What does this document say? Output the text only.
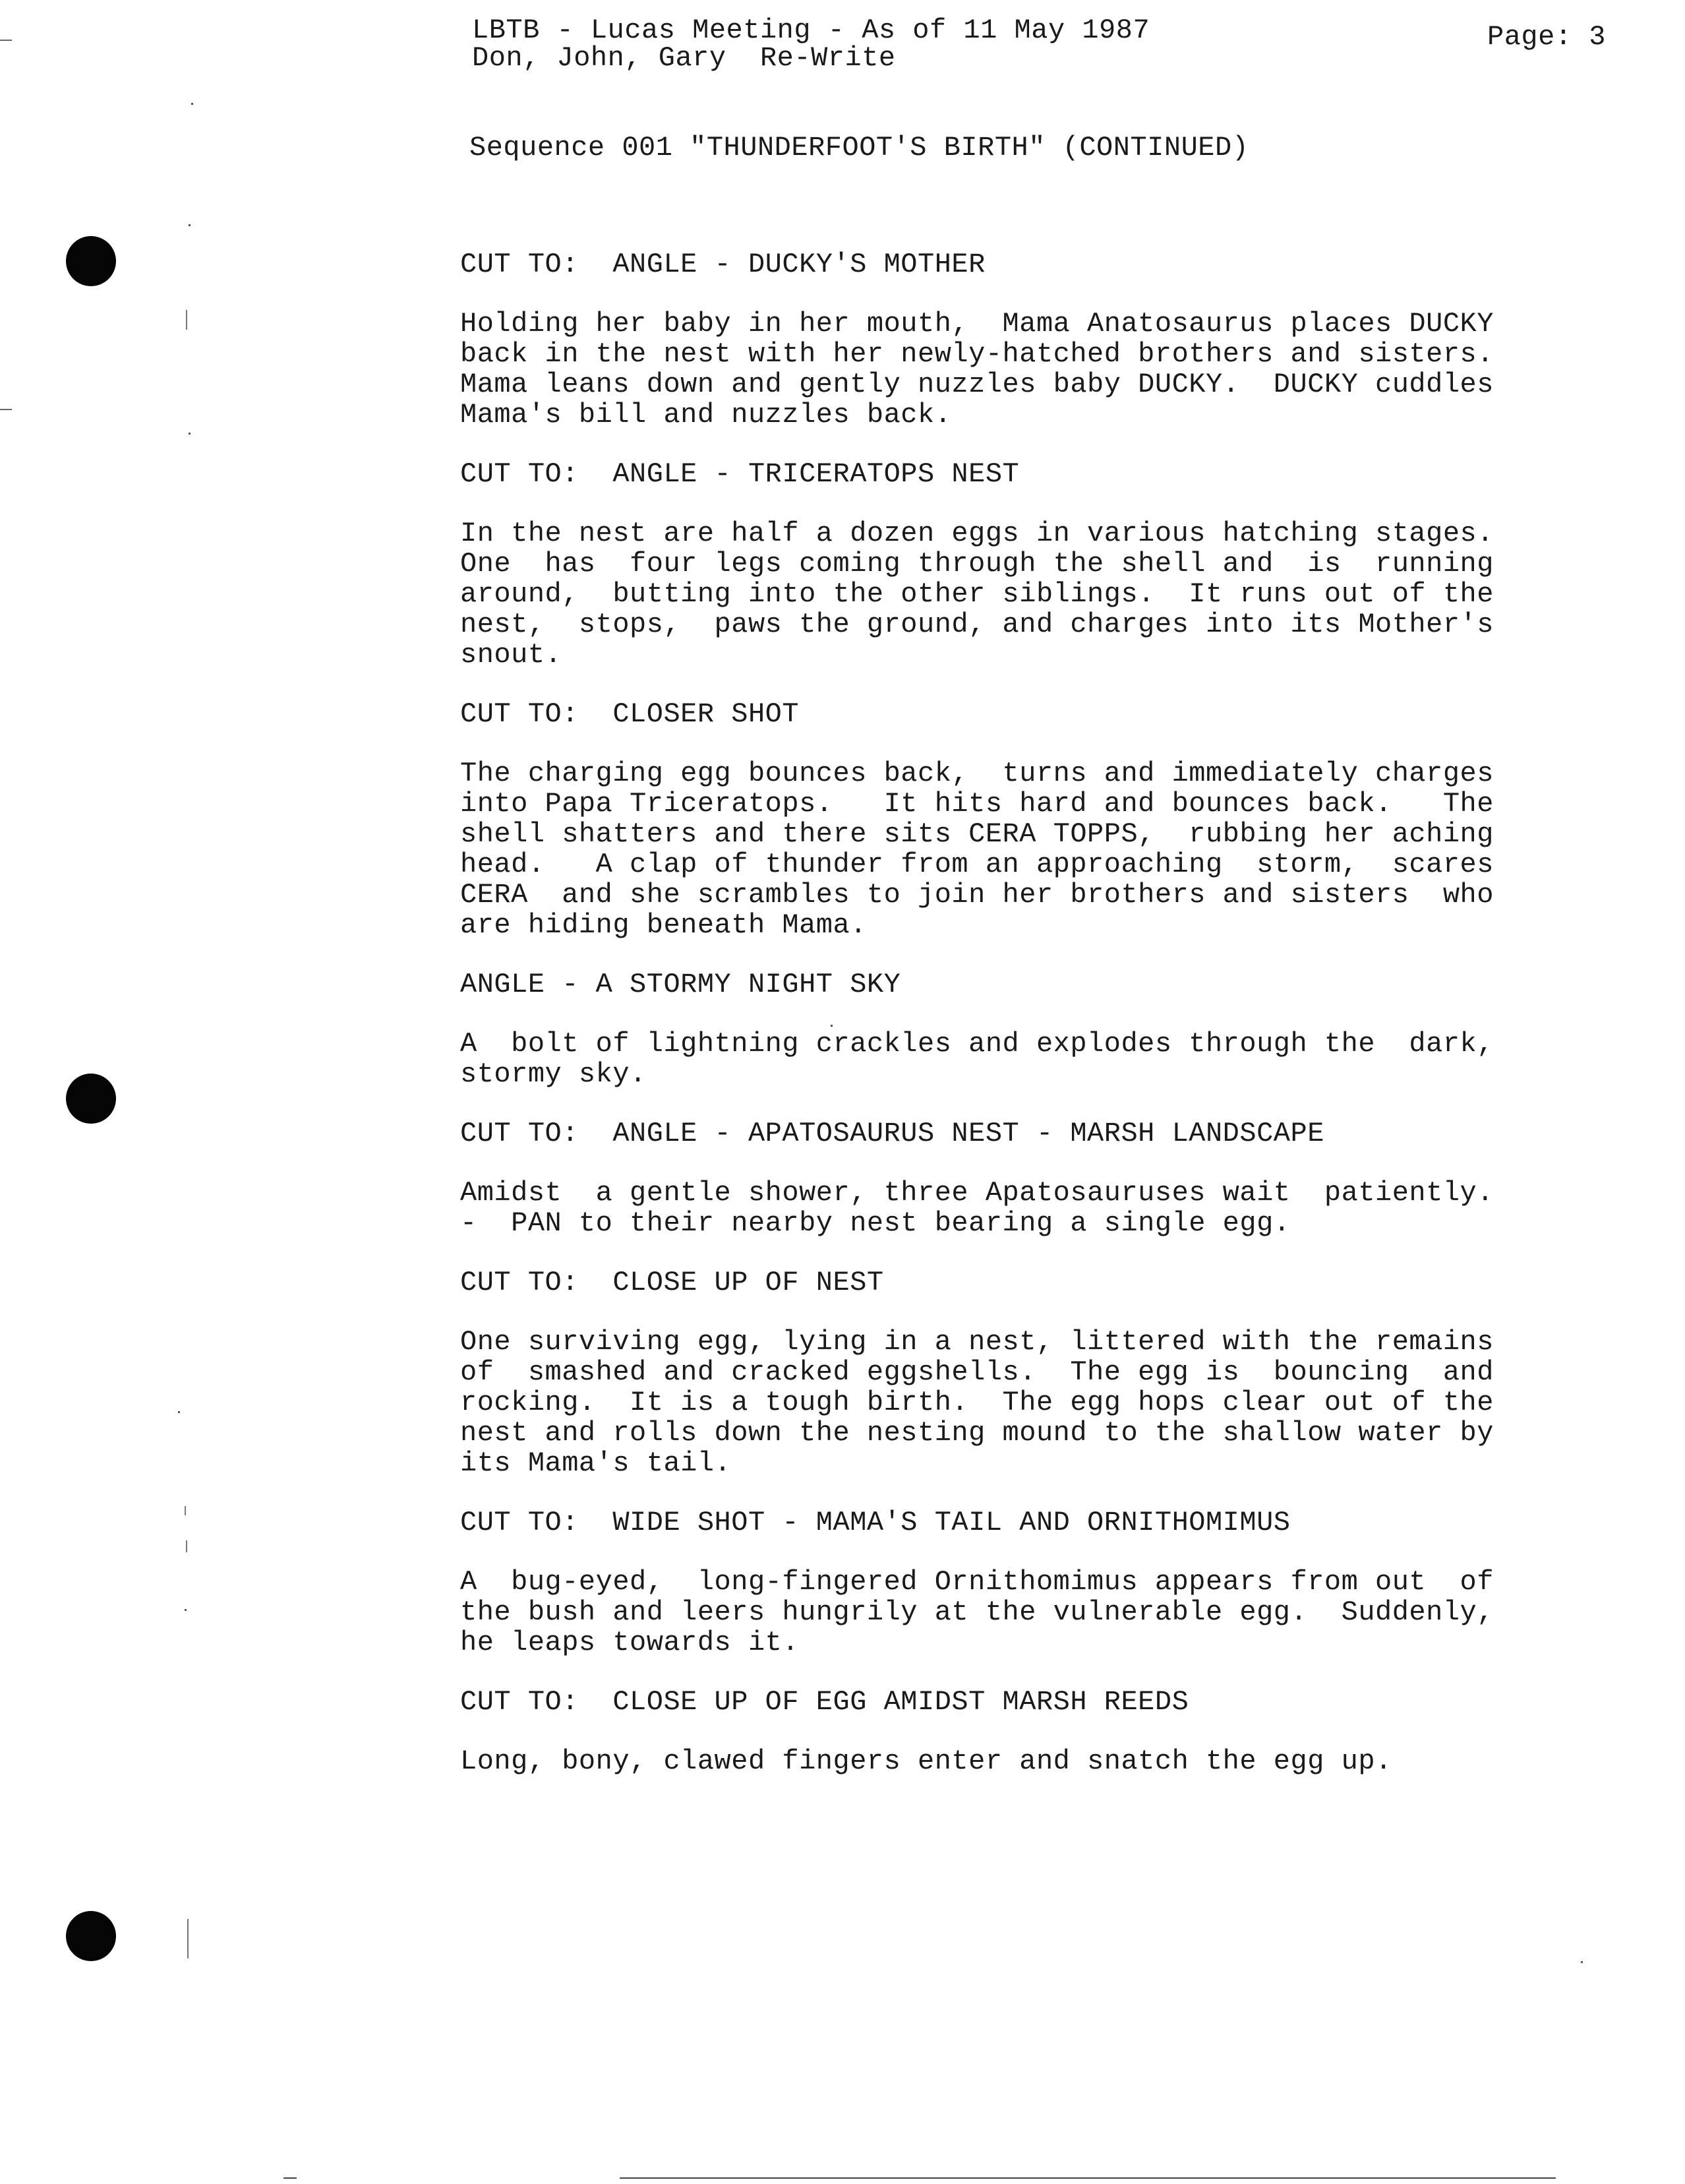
LBTB - Lucas Meeting - As of 11 May 1987
Don, John, Gary  Re-Write
Page: 3
Sequence 001 "THUNDERFOOT'S BIRTH" (CONTINUED)
CUT TO:  ANGLE - DUCKY'S MOTHER
Holding her baby in her mouth,  Mama Anatosaurus places DUCKY
back in the nest with her newly-hatched brothers and sisters.
Mama leans down and gently nuzzles baby DUCKY.  DUCKY cuddles
Mama's bill and nuzzles back.
CUT TO:  ANGLE - TRICERATOPS NEST
In the nest are half a dozen eggs in various hatching stages.
One  has  four legs coming through the shell and  is  running
around,  butting into the other siblings.  It runs out of the
nest,  stops,  paws the ground, and charges into its Mother's
snout.
CUT TO:  CLOSER SHOT
The charging egg bounces back,  turns and immediately charges
into Papa Triceratops.   It hits hard and bounces back.   The
shell shatters and there sits CERA TOPPS,  rubbing her aching
head.   A clap of thunder from an approaching  storm,  scares
CERA  and she scrambles to join her brothers and sisters  who
are hiding beneath Mama.
ANGLE - A STORMY NIGHT SKY
A  bolt of lightning crackles and explodes through the  dark,
stormy sky.
CUT TO:  ANGLE - APATOSAURUS NEST - MARSH LANDSCAPE
Amidst  a gentle shower, three Apatosauruses wait  patiently.
-  PAN to their nearby nest bearing a single egg.
CUT TO:  CLOSE UP OF NEST
One surviving egg, lying in a nest, littered with the remains
of  smashed and cracked eggshells.  The egg is  bouncing  and
rocking.  It is a tough birth.  The egg hops clear out of the
nest and rolls down the nesting mound to the shallow water by
its Mama's tail.
CUT TO:  WIDE SHOT - MAMA'S TAIL AND ORNITHOMIMUS
A  bug-eyed,  long-fingered Ornithomimus appears from out  of
the bush and leers hungrily at the vulnerable egg.  Suddenly,
he leaps towards it.
CUT TO:  CLOSE UP OF EGG AMIDST MARSH REEDS
Long, bony, clawed fingers enter and snatch the egg up.
